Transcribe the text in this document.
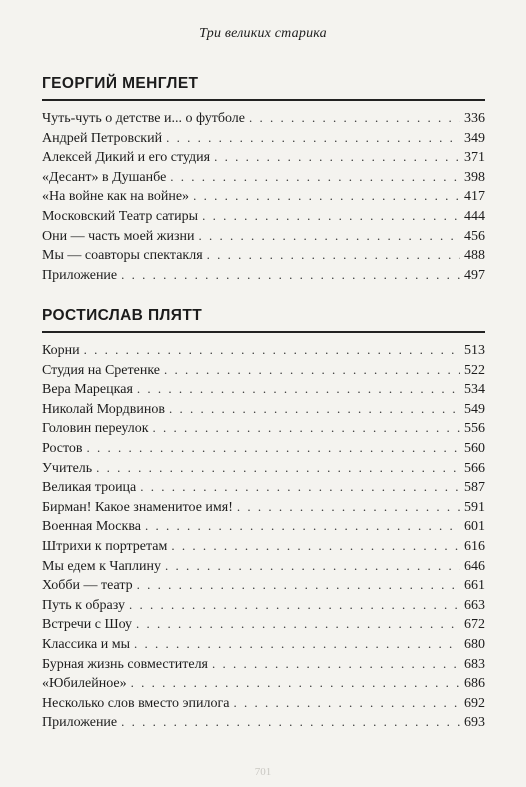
Три великих старика
ГЕОРГИЙ МЕНГЛЕТ
Чуть-чуть о детстве и... о футболе . . .	336
Андрей Петровский . . .	349
Алексей Дикий и его студия . . .	371
«Десант» в Душанбе . . .	398
«На войне как на войне» . . .	417
Московский Театр сатиры . . .	444
Они — часть моей жизни . . .	456
Мы — соавторы спектакля . . .	488
Приложение . . .	497
РОСТИСЛАВ ПЛЯТТ
Корни . . .	513
Студия на Сретенке . . .	522
Вера Марецкая . . .	534
Николай Мордвинов . . .	549
Головин переулок . . .	556
Ростов . . .	560
Учитель . . .	566
Великая троица . . .	587
Бирман! Какое знаменитое имя! . . .	591
Военная Москва . . .	601
Штрихи к портретам . . .	616
Мы едем к Чаплину . . .	646
Хобби — театр . . .	661
Путь к образу . . .	663
Встречи с Шоу . . .	672
Классика и мы . . .	680
Бурная жизнь совместителя . . .	683
«Юбилейное» . . .	686
Несколько слов вместо эпилога . . .	692
Приложение . . .	693
701
